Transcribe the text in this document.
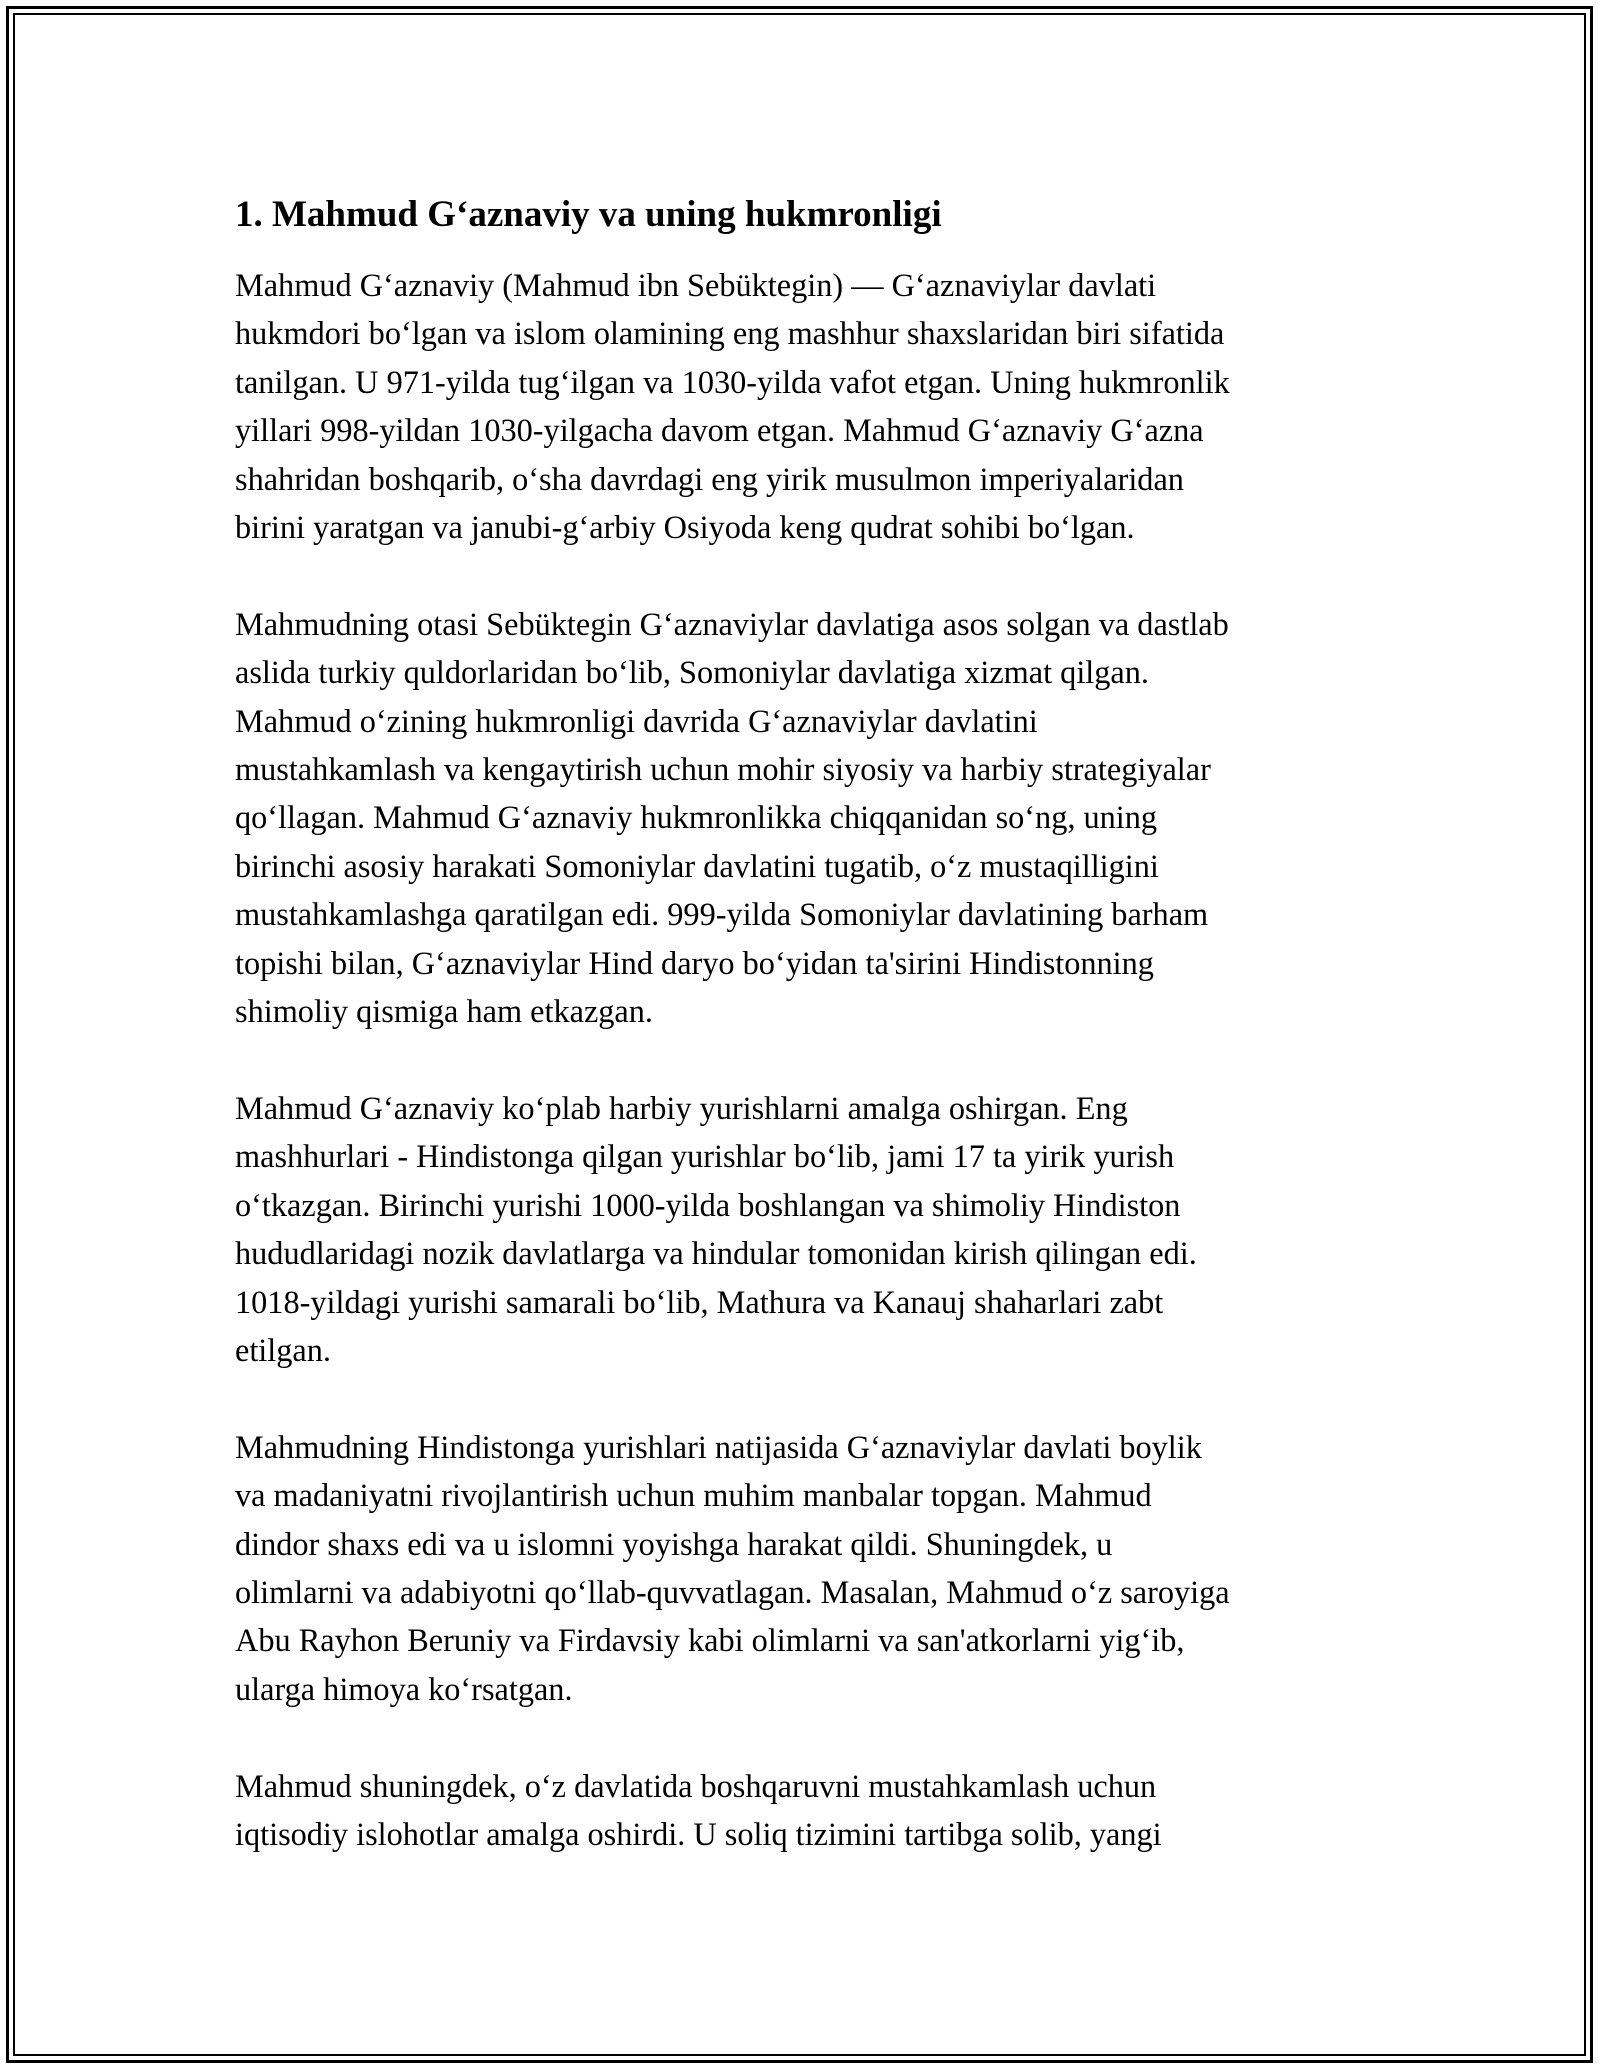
1. Mahmud G‘aznaviy va uning hukmronligi

Mahmud G‘aznaviy (Mahmud ibn Sebüktegin) — G‘aznaviylar davlati
hukmdori bo‘lgan va islom olamining eng mashhur shaxslaridan biri sifatida
tanilgan. U 971-yilda tug‘ilgan va 1030-yilda vafot etgan. Uning hukmronlik
yillari 998-yildan 1030-yilgacha davom etgan. Mahmud G‘aznaviy G‘azna
shahridan boshqarib, o‘sha davrdagi eng yirik musulmon imperiyalaridan
birini yaratgan va janubi-g‘arbiy Osiyoda keng qudrat sohibi bo‘lgan.

Mahmudning otasi Sebüktegin G‘aznaviylar davlatiga asos solgan va dastlab
aslida turkiy quldorlaridan bo‘lib, Somoniylar davlatiga xizmat qilgan.
Mahmud o‘zining hukmronligi davrida G‘aznaviylar davlatini
mustahkamlash va kengaytirish uchun mohir siyosiy va harbiy strategiyalar
qo‘llagan. Mahmud G‘aznaviy hukmronlikka chiqqanidan so‘ng, uning
birinchi asosiy harakati Somoniylar davlatini tugatib, o‘z mustaqilligini
mustahkamlashga qaratilgan edi. 999-yilda Somoniylar davlatining barham
topishi bilan, G‘aznaviylar Hind daryo bo‘yidan ta'sirini Hindistonning
shimoliy qismiga ham etkazgan.

Mahmud G‘aznaviy ko‘plab harbiy yurishlarni amalga oshirgan. Eng
mashhurlari - Hindistonga qilgan yurishlar bo‘lib, jami 17 ta yirik yurish
o‘tkazgan. Birinchi yurishi 1000-yilda boshlangan va shimoliy Hindiston
hududlaridagi nozik davlatlarga va hindular tomonidan kirish qilingan edi.
1018-yildagi yurishi samarali bo‘lib, Mathura va Kanauj shaharlari zabt
etilgan.

Mahmudning Hindistonga yurishlari natijasida G‘aznaviylar davlati boylik
va madaniyatni rivojlantirish uchun muhim manbalar topgan. Mahmud
dindor shaxs edi va u islomni yoyishga harakat qildi. Shuningdek, u
olimlarni va adabiyotni qo‘llab-quvvatlagan. Masalan, Mahmud o‘z saroyiga
Abu Rayhon Beruniy va Firdavsiy kabi olimlarni va san'atkorlarni yig‘ib,
ularga himoya ko‘rsatgan.

Mahmud shuningdek, o‘z davlatida boshqaruvni mustahkamlash uchun
iqtisodiy islohotlar amalga oshirdi. U soliq tizimini tartibga solib, yangi
